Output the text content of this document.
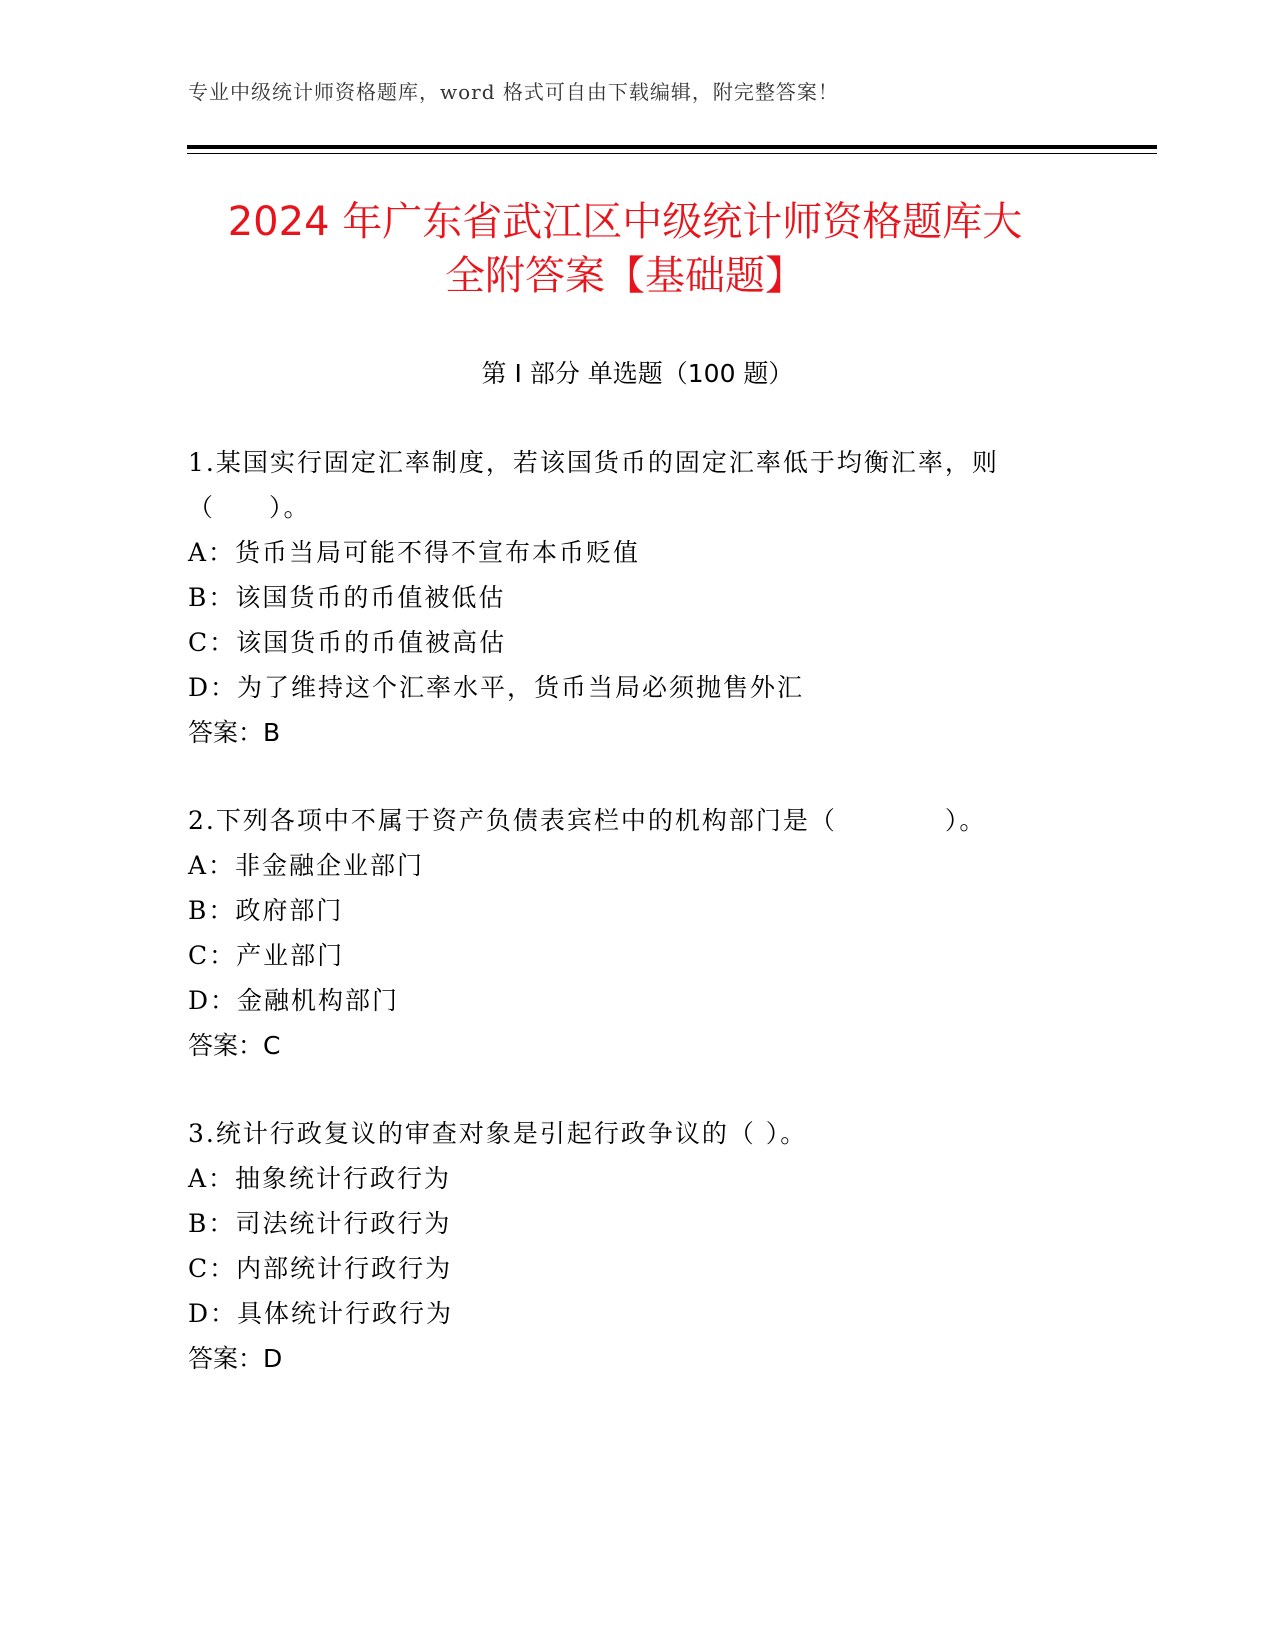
专业中级统计师资格题库，word 格式可自由下载编辑，附完整答案！
2024 年广东省武江区中级统计师资格题库大
全附答案【基础题】
第 I 部分 单选题（100 题）

1.某国实行固定汇率制度，若该国货币的固定汇率低于均衡汇率，则（　　）。

A：货币当局可能不得不宣布本币贬值

B：该国货币的币值被低估

C：该国货币的币值被高估

D：为了维持这个汇率水平，货币当局必须抛售外汇

答案：B

2.下列各项中不属于资产负债表宾栏中的机构部门是（　　　　）。

A：非金融企业部门

B：政府部门

C：产业部门

D：金融机构部门

答案：C

3.统计行政复议的审查对象是引起行政争议的（ ）。

A：抽象统计行政行为

B：司法统计行政行为

C：内部统计行政行为

D：具体统计行政行为

答案：D
